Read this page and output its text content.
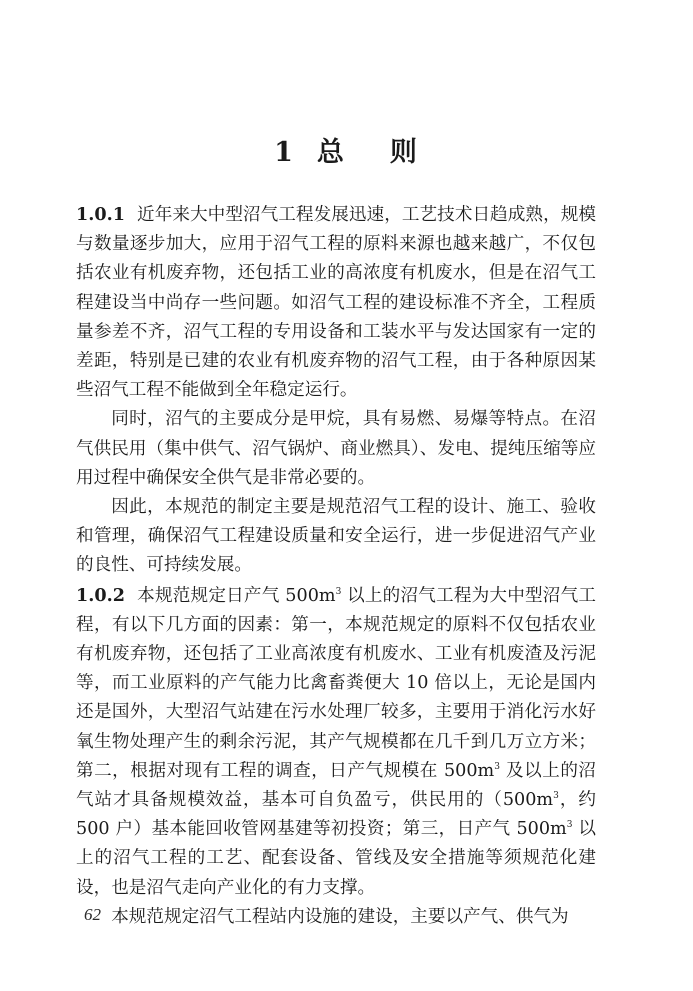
1 总 则

1.0.1 近年来大中型沼气工程发展迅速，工艺技术日趋成熟，规模与数量逐步加大，应用于沼气工程的原料来源也越来越广，不仅包括农业有机废弃物，还包括工业的高浓度有机废水，但是在沼气工程建设当中尚存一些问题。如沼气工程的建设标准不齐全，工程质量参差不齐，沼气工程的专用设备和工装水平与发达国家有一定的差距，特别是已建的农业有机废弃物的沼气工程，由于各种原因某些沼气工程不能做到全年稳定运行。

同时，沼气的主要成分是甲烷，具有易燃、易爆等特点。在沼气供民用（集中供气、沼气锅炉、商业燃具）、发电、提纯压缩等应用过程中确保安全供气是非常必要的。

因此，本规范的制定主要是规范沼气工程的设计、施工、验收和管理，确保沼气工程建设质量和安全运行，进一步促进沼气产业的良性、可持续发展。

1.0.2 本规范规定日产气 $500m^3$ 以上的沼气工程为大中型沼气工程，有以下几方面的因素：第一，本规范规定的原料不仅包括农业有机废弃物，还包括了工业高浓度有机废水、工业有机废渣及污泥等，而工业原料的产气能力比禽畜粪便大 10 倍以上，无论是国内还是国外，大型沼气站建在污水处理厂较多，主要用于消化污水好氧生物处理产生的剩余污泥，其产气规模都在几千到几万立方米；第二，根据对现有工程的调查，日产气规模在 $500m^3$ 及以上的沼气站才具备规模效益，基本可自负盈亏，供民用的（$500m^3$，约 500 户）基本能回收管网基建等初投资；第三，日产气 $500m^3$ 以上的沼气工程的工艺、配套设备、管线及安全措施等须规范化建设，也是沼气走向产业化的有力支撑。

本规范规定沼气工程站内设施的建设，主要以产气、供气为

62
